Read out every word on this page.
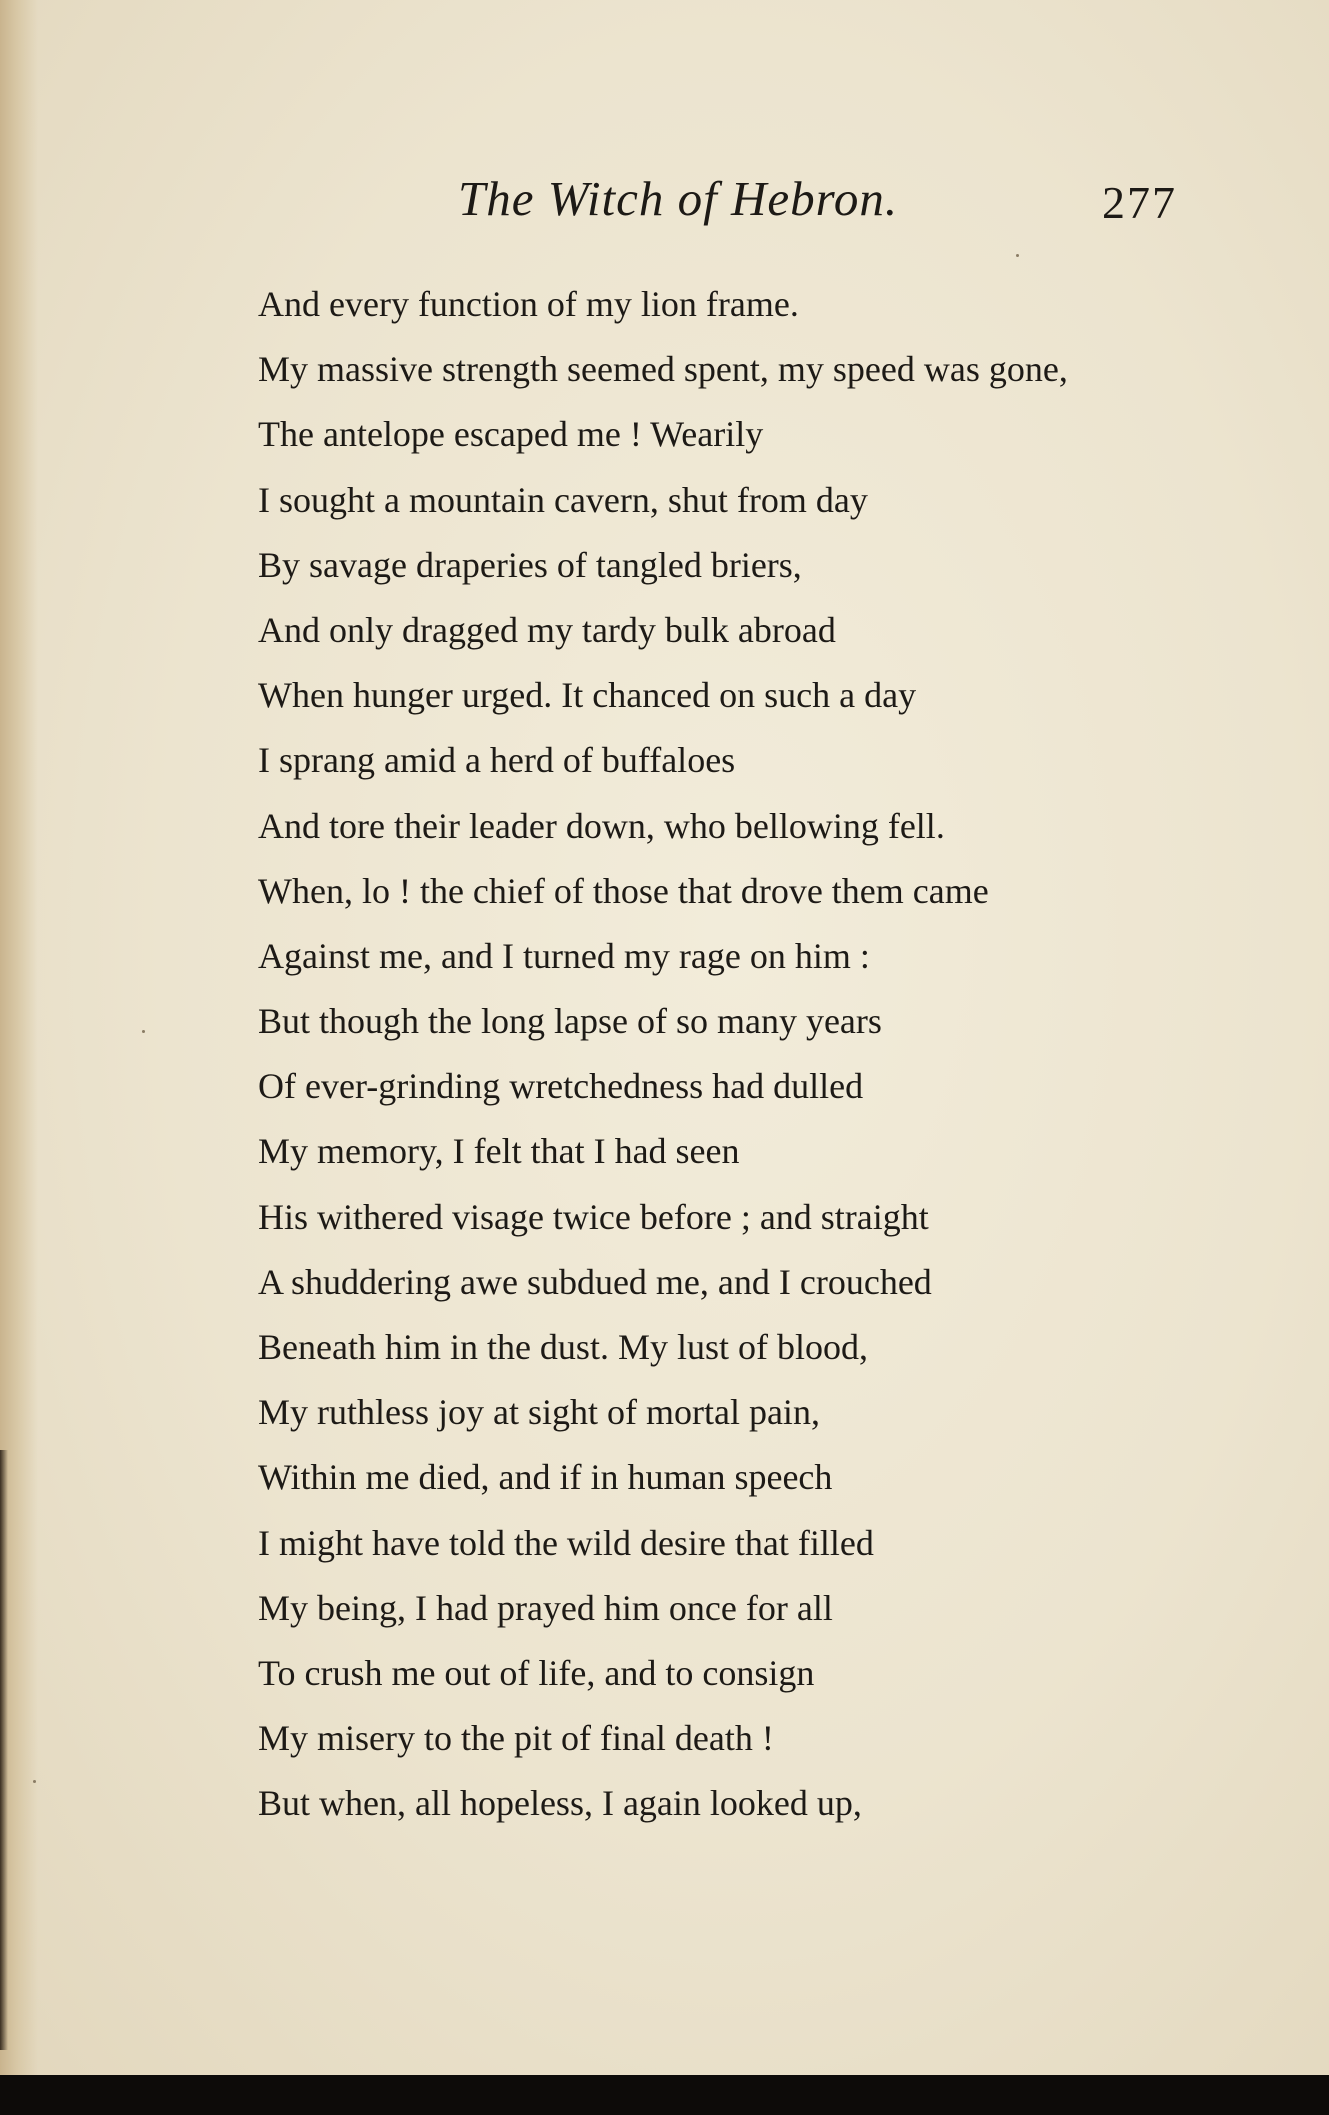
The Witch of Hebron.	277
And every function of my lion frame.
My massive strength seemed spent, my speed was gone,
The antelope escaped me ! Wearily
I sought a mountain cavern, shut from day
By savage draperies of tangled briers,
And only dragged my tardy bulk abroad
When hunger urged. It chanced on such a day
I sprang amid a herd of buffaloes
And tore their leader down, who bellowing fell.
When, lo ! the chief of those that drove them came
Against me, and I turned my rage on him :
But though the long lapse of so many years
Of ever-grinding wretchedness had dulled
My memory, I felt that I had seen
His withered visage twice before ; and straight
A shuddering awe subdued me, and I crouched
Beneath him in the dust. My lust of blood,
My ruthless joy at sight of mortal pain,
Within me died, and if in human speech
I might have told the wild desire that filled
My being, I had prayed him once for all
To crush me out of life, and to consign
My misery to the pit of final death !
But when, all hopeless, I again looked up,
